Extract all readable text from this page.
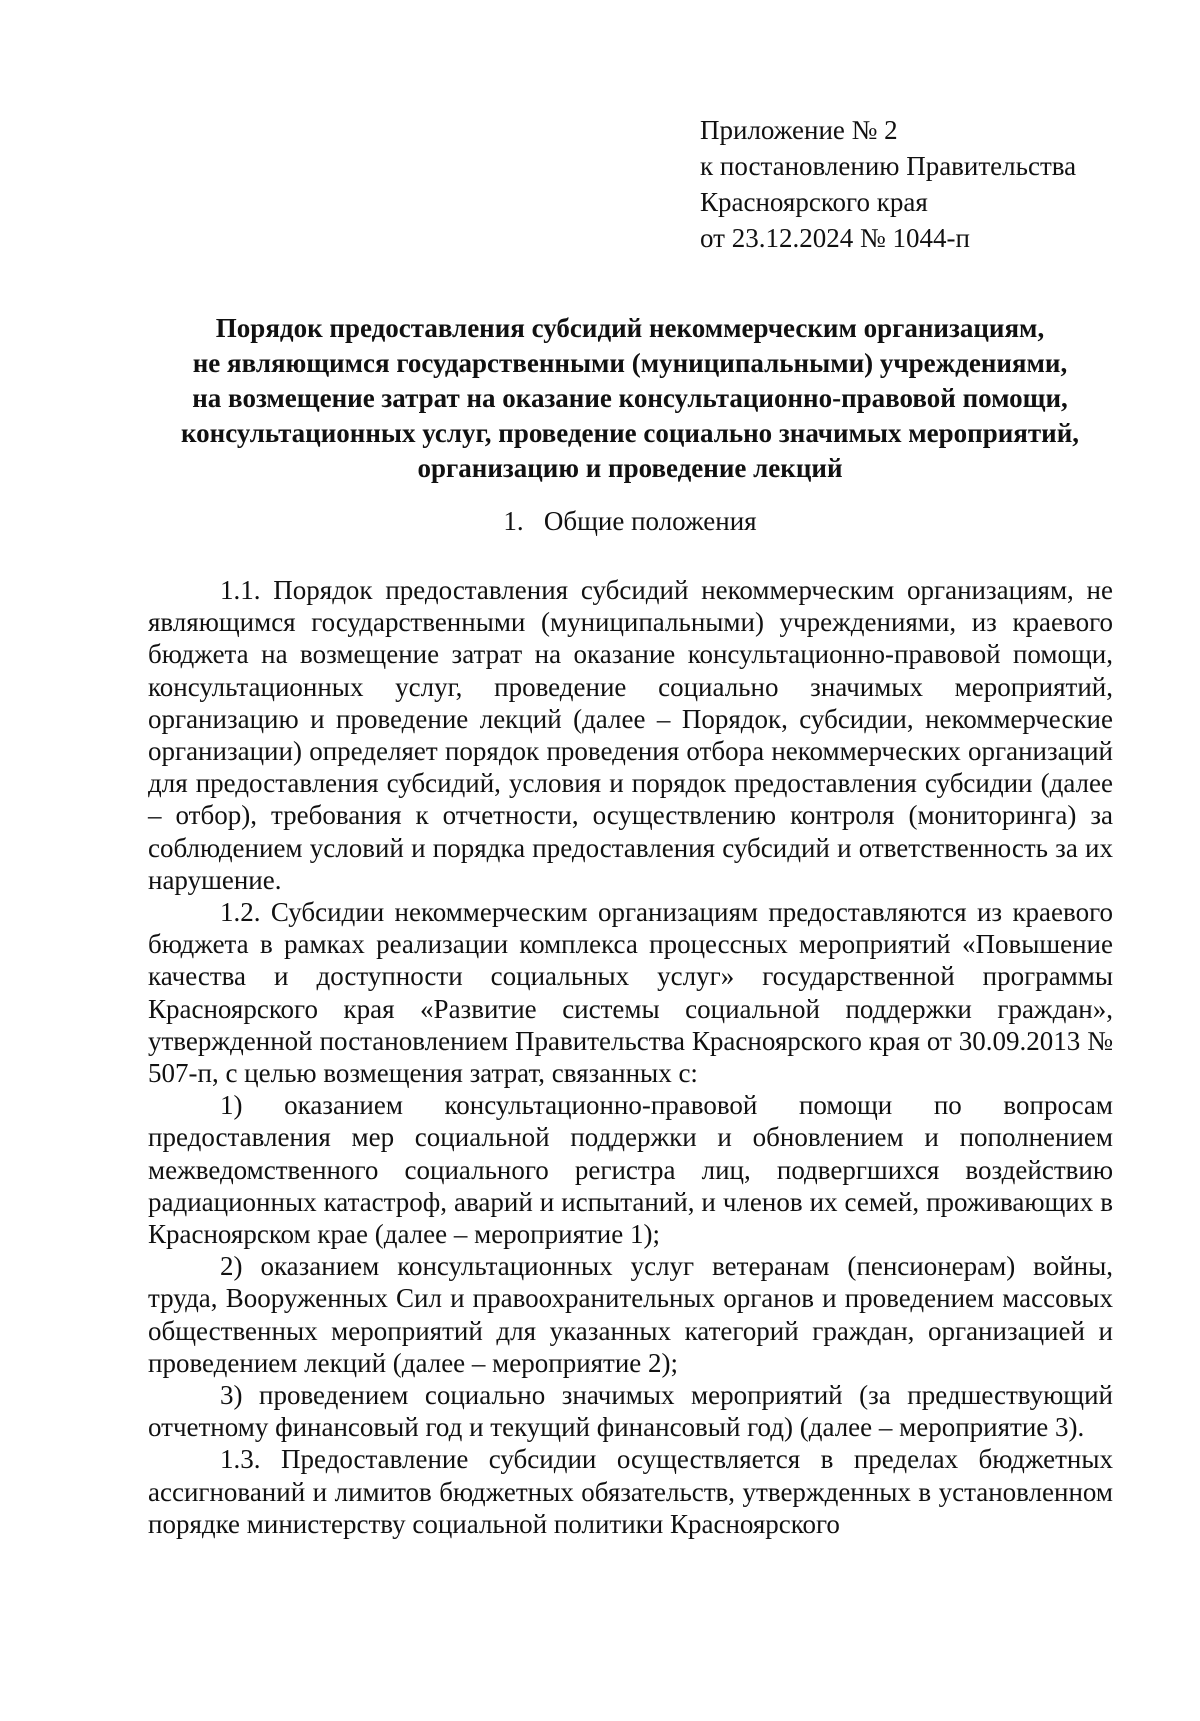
Приложение № 2
к постановлению Правительства
Красноярского края
от 23.12.2024 № 1044-п
Порядок предоставления субсидий некоммерческим организациям,
не являющимся государственными (муниципальными) учреждениями,
на возмещение затрат на оказание консультационно-правовой помощи,
консультационных услуг, проведение социально значимых мероприятий,
организацию и проведение лекций
1.   Общие положения

1.1. Порядок предоставления субсидий некоммерческим организациям, не являющимся государственными (муниципальными) учреждениями, из краевого бюджета на возмещение затрат на оказание консультационно-правовой помощи, консультационных услуг, проведение социально значимых мероприятий, организацию и проведение лекций (далее – Порядок, субсидии, некоммерческие организации) определяет порядок проведения отбора некоммерческих организаций для предоставления субсидий, условия и порядок предоставления субсидии (далее – отбор), требования к отчетности, осуществлению контроля (мониторинга) за соблюдением условий и порядка предоставления субсидий и ответственность за их нарушение.

1.2. Субсидии некоммерческим организациям предоставляются из краевого бюджета в рамках реализации комплекса процессных мероприятий «Повышение качества и доступности социальных услуг» государственной программы Красноярского края «Развитие системы социальной поддержки граждан», утвержденной постановлением Правительства Красноярского края от 30.09.2013 № 507-п, с целью возмещения затрат, связанных с:

1) оказанием консультационно-правовой помощи по вопросам предоставления мер социальной поддержки и обновлением и пополнением межведомственного социального регистра лиц, подвергшихся воздействию радиационных катастроф, аварий и испытаний, и членов их семей, проживающих в Красноярском крае (далее – мероприятие 1);

2) оказанием консультационных услуг ветеранам (пенсионерам) войны, труда, Вооруженных Сил и правоохранительных органов и проведением массовых общественных мероприятий для указанных категорий граждан, организацией и проведением лекций (далее – мероприятие 2);

3) проведением социально значимых мероприятий (за предшествующий отчетному финансовый год и текущий финансовый год) (далее – мероприятие 3).

1.3. Предоставление субсидии осуществляется в пределах бюджетных ассигнований и лимитов бюджетных обязательств, утвержденных в установленном порядке министерству социальной политики Красноярского
